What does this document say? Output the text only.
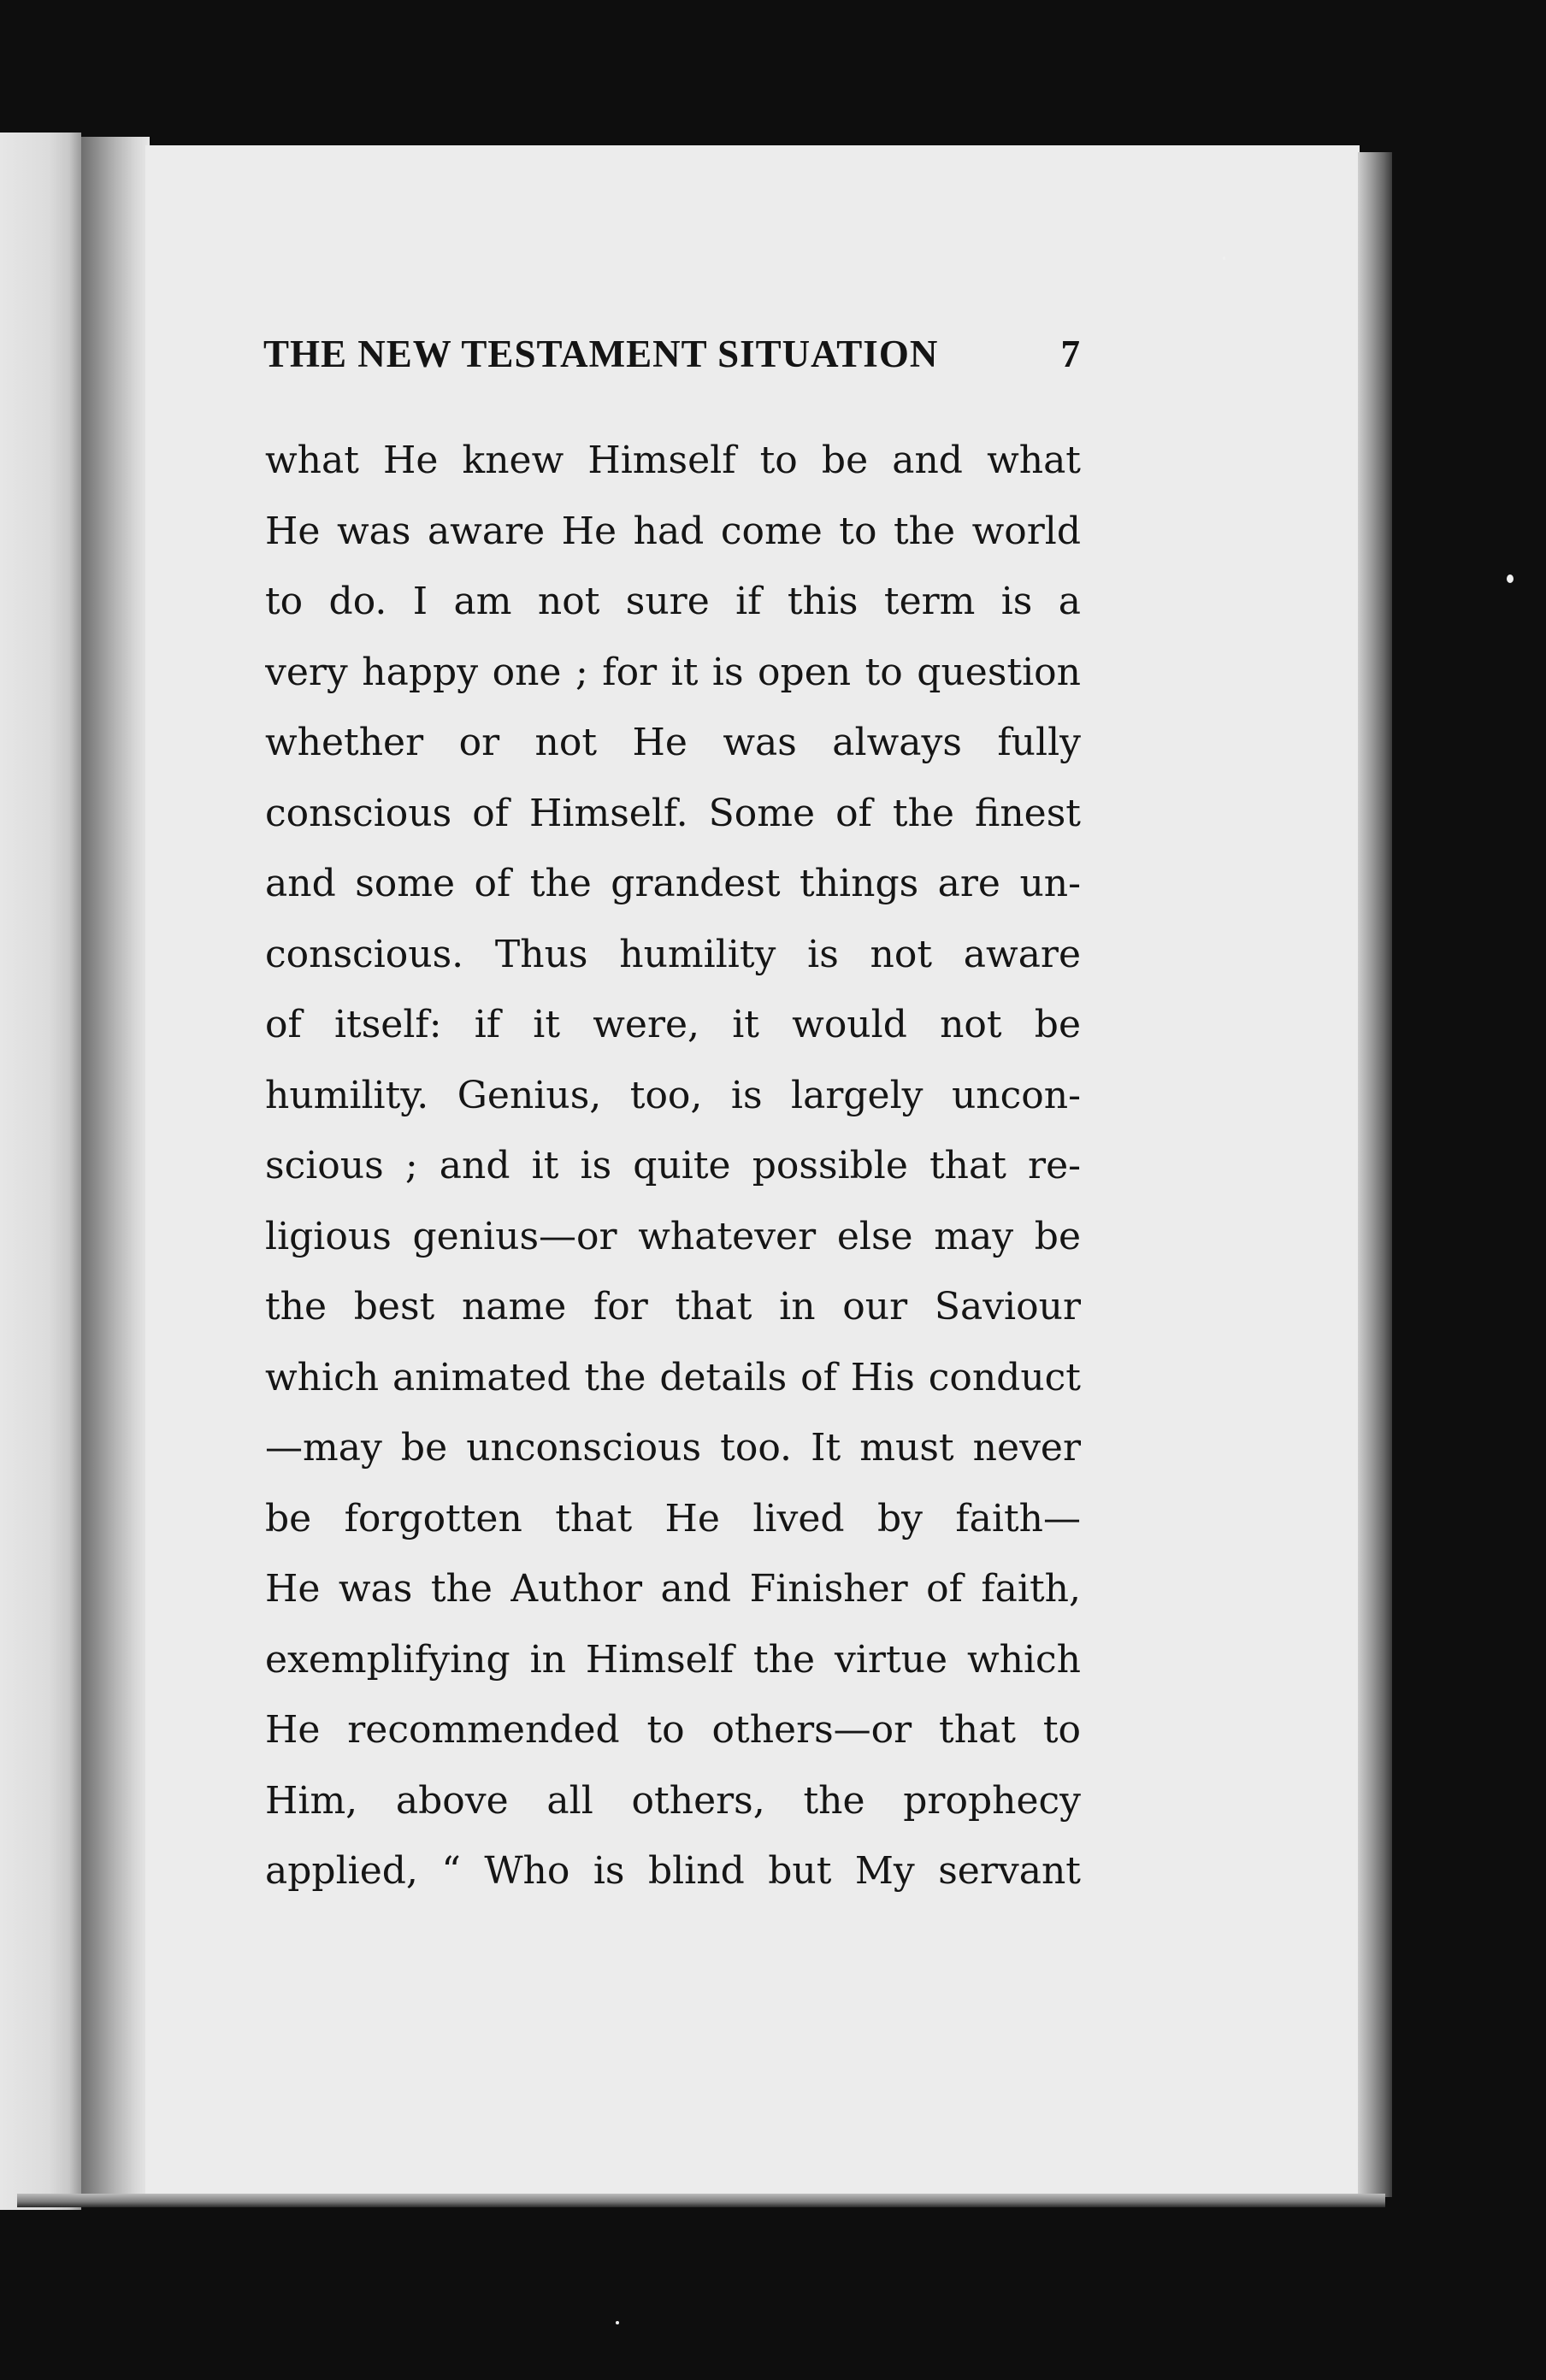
THE NEW TESTAMENT SITUATION	7
what He knew Himself to be and what
He was aware He had come to the world
to do. I am not sure if this term is a
very happy one ; for it is open to question
whether or not He was always fully
conscious of Himself. Some of the finest
and some of the grandest things are un-
conscious. Thus humility is not aware
of itself: if it were, it would not be
humility. Genius, too, is largely uncon-
scious ; and it is quite possible that re-
ligious genius—or whatever else may be
the best name for that in our Saviour
which animated the details of His conduct
—may be unconscious too. It must never
be forgotten that He lived by faith—
He was the Author and Finisher of faith,
exemplifying in Himself the virtue which
He recommended to others—or that to
Him, above all others, the prophecy
applied, “ Who is blind but My servant
